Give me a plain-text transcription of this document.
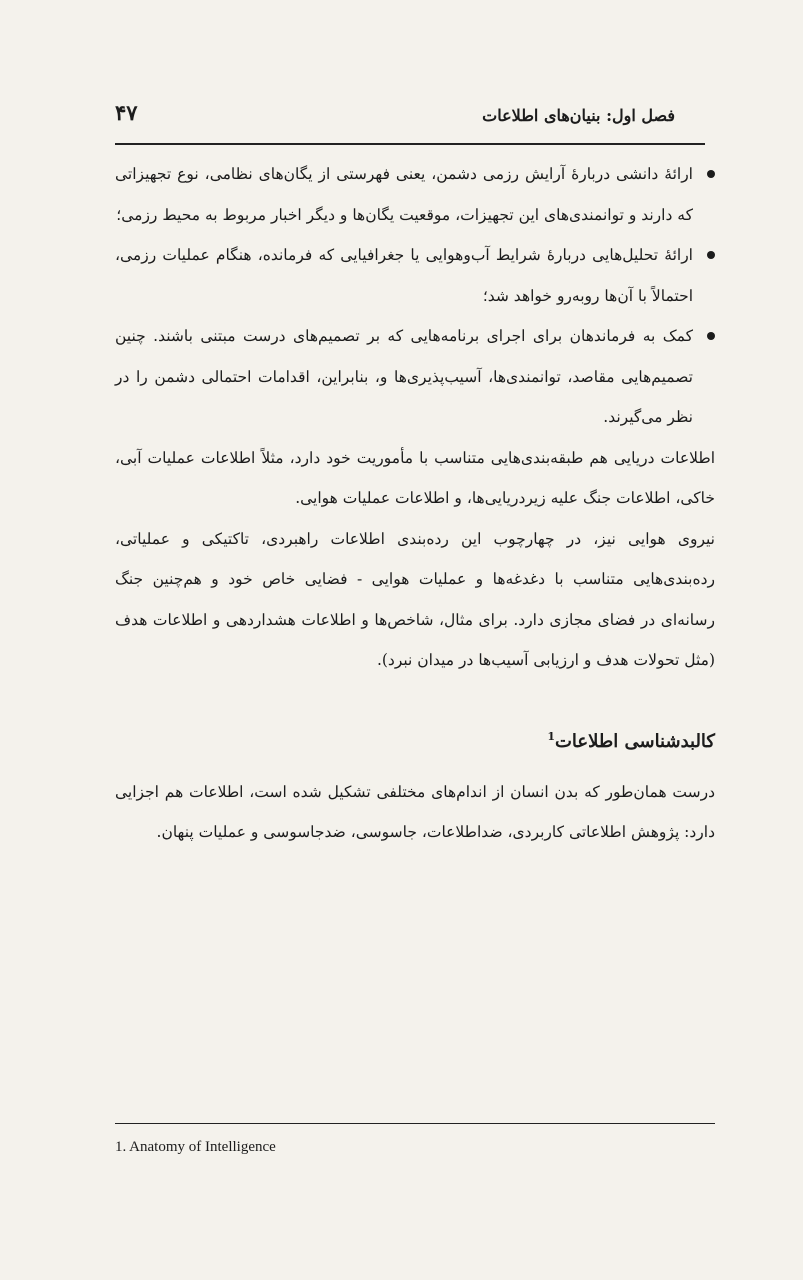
۴۷	فصل اول: بنیان‌های اطلاعات
ارائهٔ دانشی دربارهٔ آرایش رزمی دشمن، یعنی فهرستی از یگان‌های نظامی، نوع تجهیزاتی که دارند و توانمندی‌های این تجهیزات، موقعیت یگان‌ها و دیگر اخبار مربوط به محیط رزمی؛
ارائهٔ تحلیل‌هایی دربارهٔ شرایط آب‌وهوایی یا جغرافیایی که فرمانده، هنگام عملیات رزمی، احتمالاً با آن‌ها روبه‌رو خواهد شد؛
کمک به فرماندهان برای اجرای برنامه‌هایی که بر تصمیم‌های درست مبتنی باشند. چنین تصمیم‌هایی مقاصد، توانمندی‌ها، آسیب‌پذیری‌ها و، بنابراین، اقدامات احتمالی دشمن را در نظر می‌گیرند.

اطلاعات دریایی هم طبقه‌بندی‌هایی متناسب با مأموریت خود دارد، مثلاً اطلاعات عملیات آبی، خاکی، اطلاعات جنگ علیه زیردریایی‌ها، و اطلاعات عملیات هوایی.

نیروی هوایی نیز، در چهارچوب این رده‌بندی اطلاعات راهبردی، تاکتیکی و عملیاتی، رده‌بندی‌هایی متناسب با دغدغه‌ها و عملیات هوایی - فضایی خاص خود و هم‌چنین جنگ رسانه‌ای در فضای مجازی دارد. برای مثال، شاخص‌ها و اطلاعات هشداردهی و اطلاعات هدف (مثل تحولات هدف و ارزیابی آسیب‌ها در میدان نبرد).

کالبدشناسی اطلاعات$^1$

درست همان‌طور که بدن انسان از اندام‌های مختلفی تشکیل شده است، اطلاعات هم اجزایی دارد: پژوهش اطلاعاتی کاربردی، ضداطلاعات، جاسوسی، ضدجاسوسی و عملیات پنهان.

1. Anatomy of Intelligence
